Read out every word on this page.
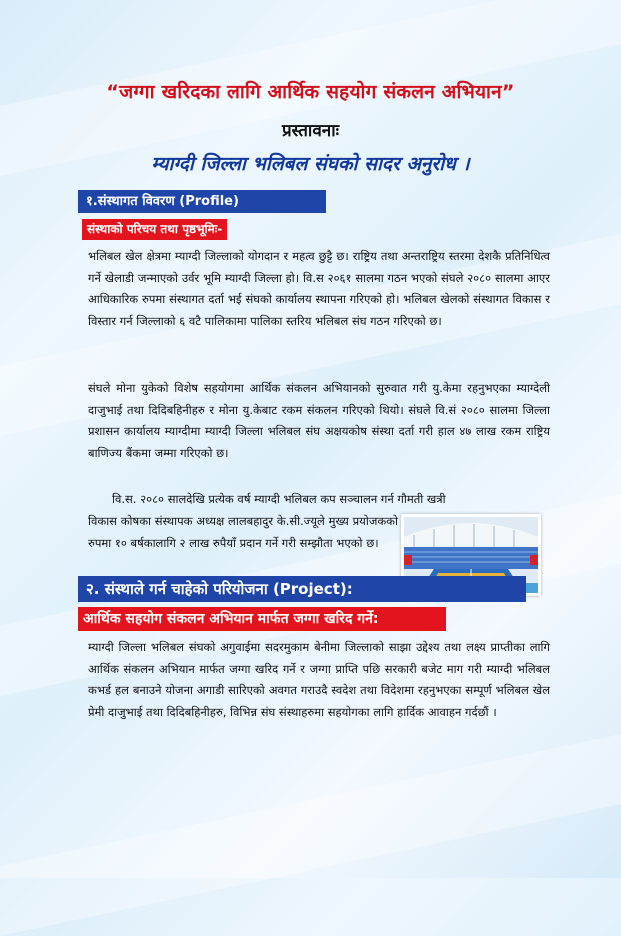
“जग्गा खरिदका लागि आर्थिक सहयोग संकलन अभियान”
प्रस्तावनाः
म्याग्दी जिल्ला भलिबल संघको सादर अनुरोध ।
१.संस्थागत विवरण (Profile)
संस्थाको परिचय तथा पृष्ठभूमिः-
भलिबल खेल क्षेत्रमा म्याग्दी जिल्लाको योगदान र महत्व छुट्टै छ। राष्ट्रिय तथा अन्तराष्ट्रिय स्तरमा देशकै प्रतिनिधित्व गर्ने खेलाडी जन्माएको उर्वर भूमि म्याग्दी जिल्ला हो। वि.स २०६१ सालमा गठन भएको संघले २०८० सालमा आएर आधिकारिक रुपमा संस्थागत दर्ता भई संघको कार्यालय स्थापना गरिएको हो। भलिबल खेलको संस्थागत विकास र विस्तार गर्न जिल्लाको ६ वटै पालिकामा पालिका स्तरिय भलिबल संघ गठन गरिएको छ।
संघले मोना युकेको विशेष सहयोगमा आर्थिक संकलन अभियानको सुरुवात गरी यु.केमा रहनुभएका म्याग्देली दाजुभाई तथा दिदिबहिनीहरु र मोना यु.केबाट रकम संकलन गरिएको थियो। संघले वि.सं २०८० सालमा जिल्ला प्रशासन कार्यालय म्याग्दीमा म्याग्दी जिल्ला भलिबल संघ अक्षयकोष संस्था दर्ता गरी हाल ४७ लाख रकम राष्ट्रिय बाणिज्य बैंकमा जम्मा गरिएको छ।
वि.स. २०८० सालदेखि प्रत्येक वर्ष म्याग्दी भलिबल कप सञ्चालन गर्न गौमती खत्री
विकास कोषका संस्थापक अध्यक्ष लालबहादुर के.सी.ज्यूले मुख्य प्रयोजकको रुपमा १० बर्षकालागि २ लाख रुपैयाँ प्रदान गर्ने गरी सम्झौता भएको छ।
२. संस्थाले गर्न चाहेको परियोजना (Project):
आर्थिक सहयोग संकलन अभियान मार्फत जग्गा खरिद गर्ने:
म्याग्दी जिल्ला भलिबल संघको अगुवाईमा सदरमुकाम बेनीमा जिल्लाको साझा उद्देश्य तथा लक्ष्य प्राप्तीका लागि आर्थिक संकलन अभियान मार्फत जग्गा खरिद गर्ने र जग्गा प्राप्ति पछि सरकारी बजेट माग गरी म्याग्दी भलिबल कभर्ड हल बनाउने योजना अगाडी सारिएको अवगत गराउदै स्वदेश तथा विदेशमा रहनुभएका सम्पूर्ण भलिबल खेल प्रेमी दाजुभाई तथा दिदिबहिनीहरु, विभिन्न संघ संस्थाहरुमा सहयोगका लागि हार्दिक आवाहन गर्दछौं ।
